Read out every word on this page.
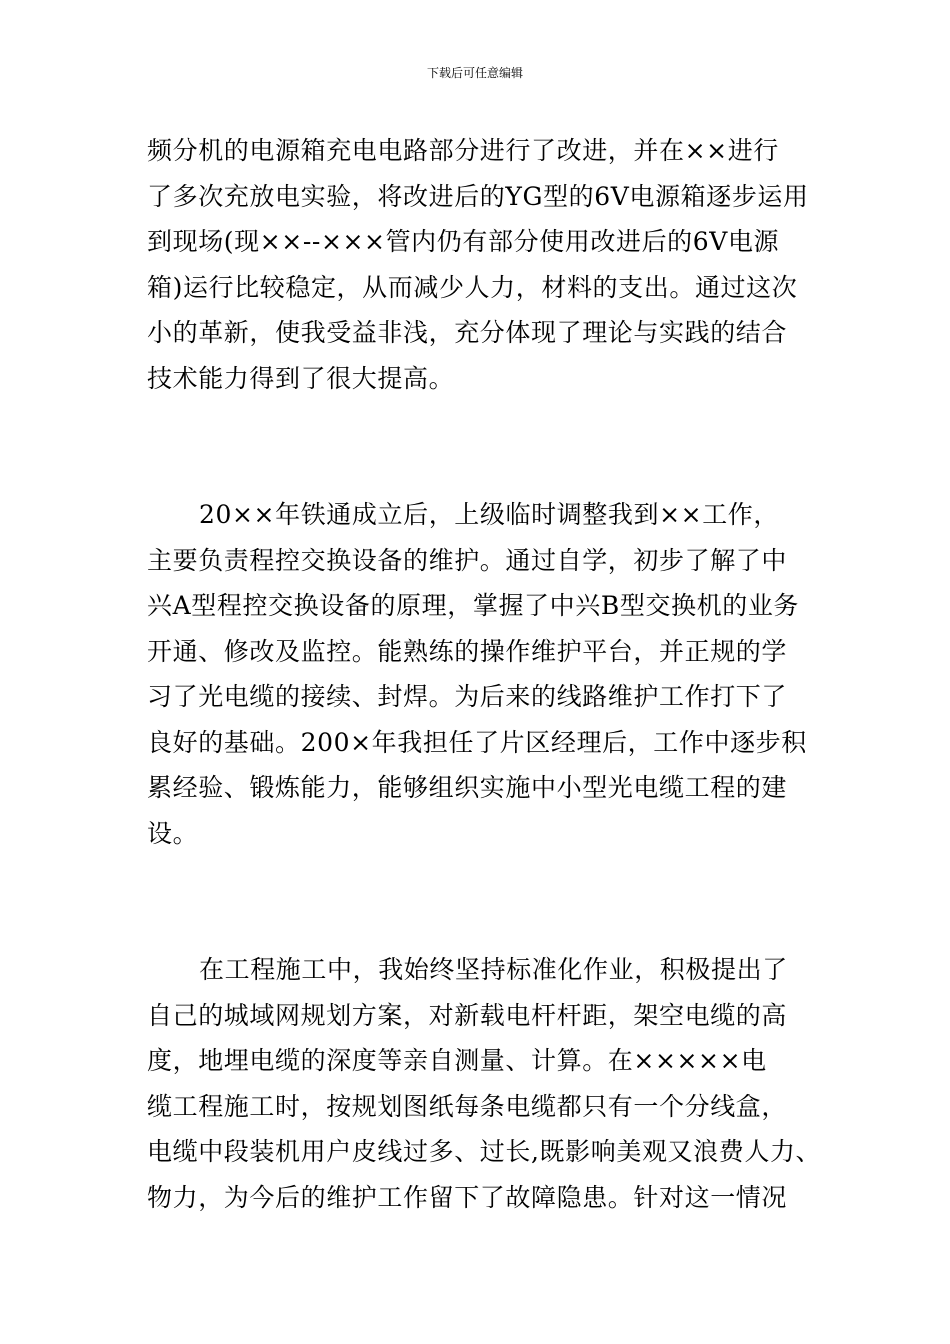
下载后可任意编辑
频分机的电源箱充电电路部分进行了改进，并在××进行
了多次充放电实验，将改进后的YG型的6V电源箱逐步运用
到现场(现××--×××管内仍有部分使用改进后的6V电源
箱)运行比较稳定，从而减少人力，材料的支出。通过这次
小的革新，使我受益非浅，充分体现了理论与实践的结合
技术能力得到了很大提高。
20××年铁通成立后，上级临时调整我到××工作，
主要负责程控交换设备的维护。通过自学，初步了解了中
兴A型程控交换设备的原理，掌握了中兴B型交换机的业务
开通、修改及监控。能熟练的操作维护平台，并正规的学
习了光电缆的接续、封焊。为后来的线路维护工作打下了
良好的基础。200×年我担任了片区经理后，工作中逐步积
累经验、锻炼能力，能够组织实施中小型光电缆工程的建
设。
在工程施工中，我始终坚持标准化作业，积极提出了
自己的城域网规划方案，对新载电杆杆距，架空电缆的高
度，地埋电缆的深度等亲自测量、计算。在×××××电
缆工程施工时，按规划图纸每条电缆都只有一个分线盒，
电缆中段装机用户皮线过多、过长,既影响美观又浪费人力、
物力，为今后的维护工作留下了故障隐患。针对这一情况
